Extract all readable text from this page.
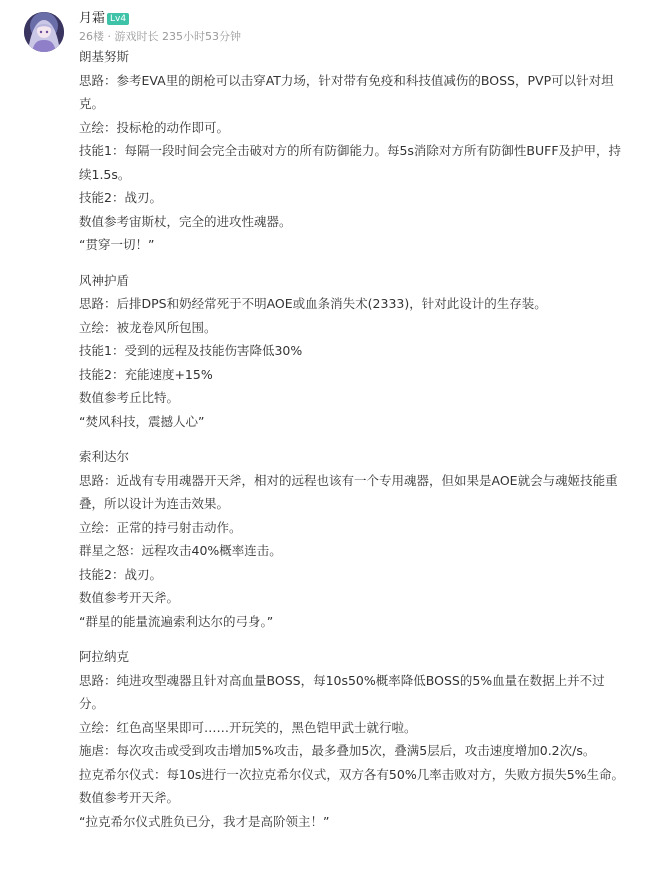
月霜 Lv4
26楼 · 游戏时长 235小时53分钟
朗基努斯
思路：参考EVA里的朗枪可以击穿AT力场，针对带有免疫和科技值减伤的BOSS，PVP可以针对坦
克。
立绘：投标枪的动作即可。
技能1：每隔一段时间会完全击破对方的所有防御能力。每5s消除对方所有防御性BUFF及护甲，持
续1.5s。
技能2：战刃。
数值参考宙斯杖，完全的进攻性魂器。
“贯穿一切！”
风神护盾
思路：后排DPS和奶经常死于不明AOE或血条消失术(2333)，针对此设计的生存装。
立绘：被龙卷风所包围。
技能1：受到的远程及技能伤害降低30%
技能2：充能速度+15%
数值参考丘比特。
“焚风科技，震撼人心”
索利达尔
思路：近战有专用魂器开天斧，相对的远程也该有一个专用魂器，但如果是AOE就会与魂姬技能重
叠，所以设计为连击效果。
立绘：正常的持弓射击动作。
群星之怒：远程攻击40%概率连击。
技能2：战刃。
数值参考开天斧。
“群星的能量流遍索利达尔的弓身。”
阿拉纳克
思路：纯进攻型魂器且针对高血量BOSS，每10s50%概率降低BOSS的5%血量在数据上并不过
分。
立绘：红色高坚果即可……开玩笑的，黑色铠甲武士就行啦。
施虐：每次攻击或受到攻击增加5%攻击，最多叠加5次，叠满5层后，攻击速度增加0.2次/s。
拉克希尔仪式：每10s进行一次拉克希尔仪式，双方各有50%几率击败对方，失败方损失5%生命。
数值参考开天斧。
“拉克希尔仪式胜负已分，我才是高阶领主！”
